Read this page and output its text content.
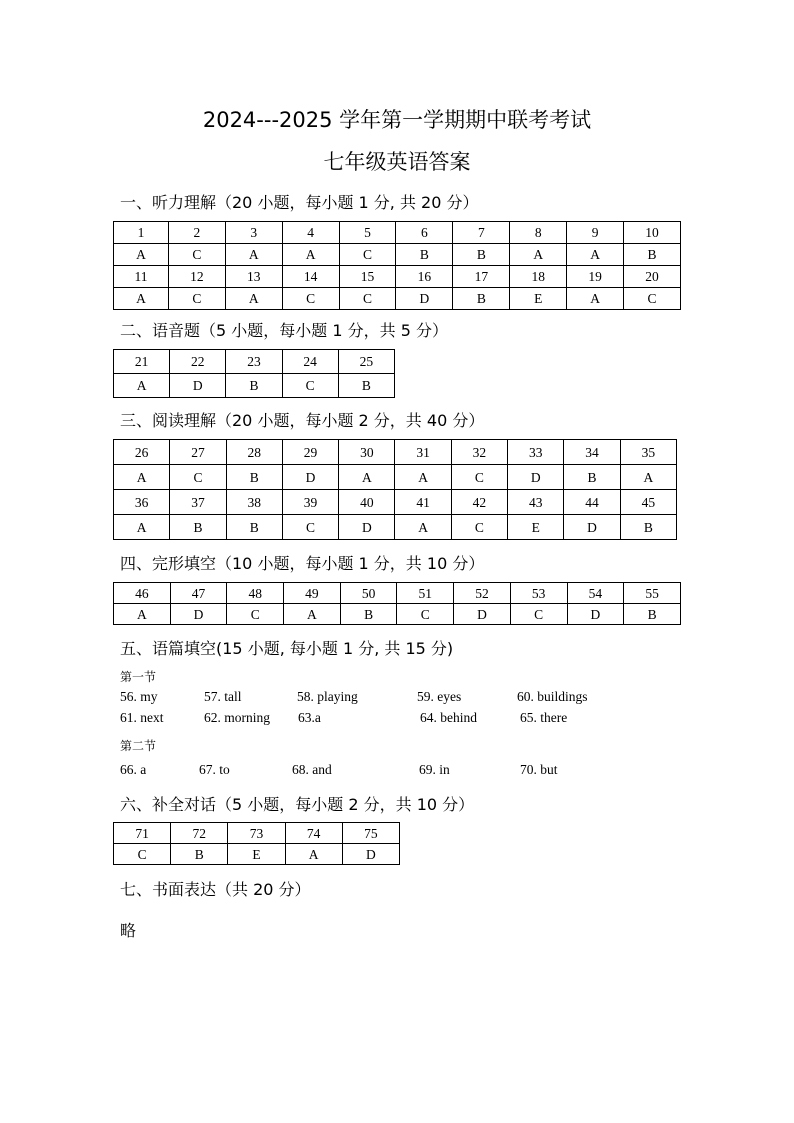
2024---2025 学年第一学期期中联考考试
七年级英语答案
一、听力理解（20 小题，每小题 1 分, 共 20 分）
1	2	3	4	5	6	7	8	9	10
A	C	A	A	C	B	B	A	A	B
11	12	13	14	15	16	17	18	19	20
A	C	A	C	C	D	B	E	A	C
二、语音题（5 小题，每小题 1 分，共 5 分）
21	22	23	24	25
A	D	B	C	B
三、阅读理解（20 小题，每小题 2 分，共 40 分）
26	27	28	29	30	31	32	33	34	35
A	C	B	D	A	A	C	D	B	A
36	37	38	39	40	41	42	43	44	45
A	B	B	C	D	A	C	E	D	B
四、完形填空（10 小题，每小题 1 分，共 10 分）
46	47	48	49	50	51	52	53	54	55
A	D	C	A	B	C	D	C	D	B
五、语篇填空(15 小题, 每小题 1 分, 共 15 分)
第一节
56. my	57. tall	58. playing	59. eyes	60. buildings
61. next	62. morning 63.a	64. behind	65. there
第二节
66. a	67. to	68. and	69. in	70. but
六、补全对话（5 小题，每小题 2 分，共 10 分）
71	72	73	74	75
C	B	E	A	D
七、书面表达（共 20 分）
略
